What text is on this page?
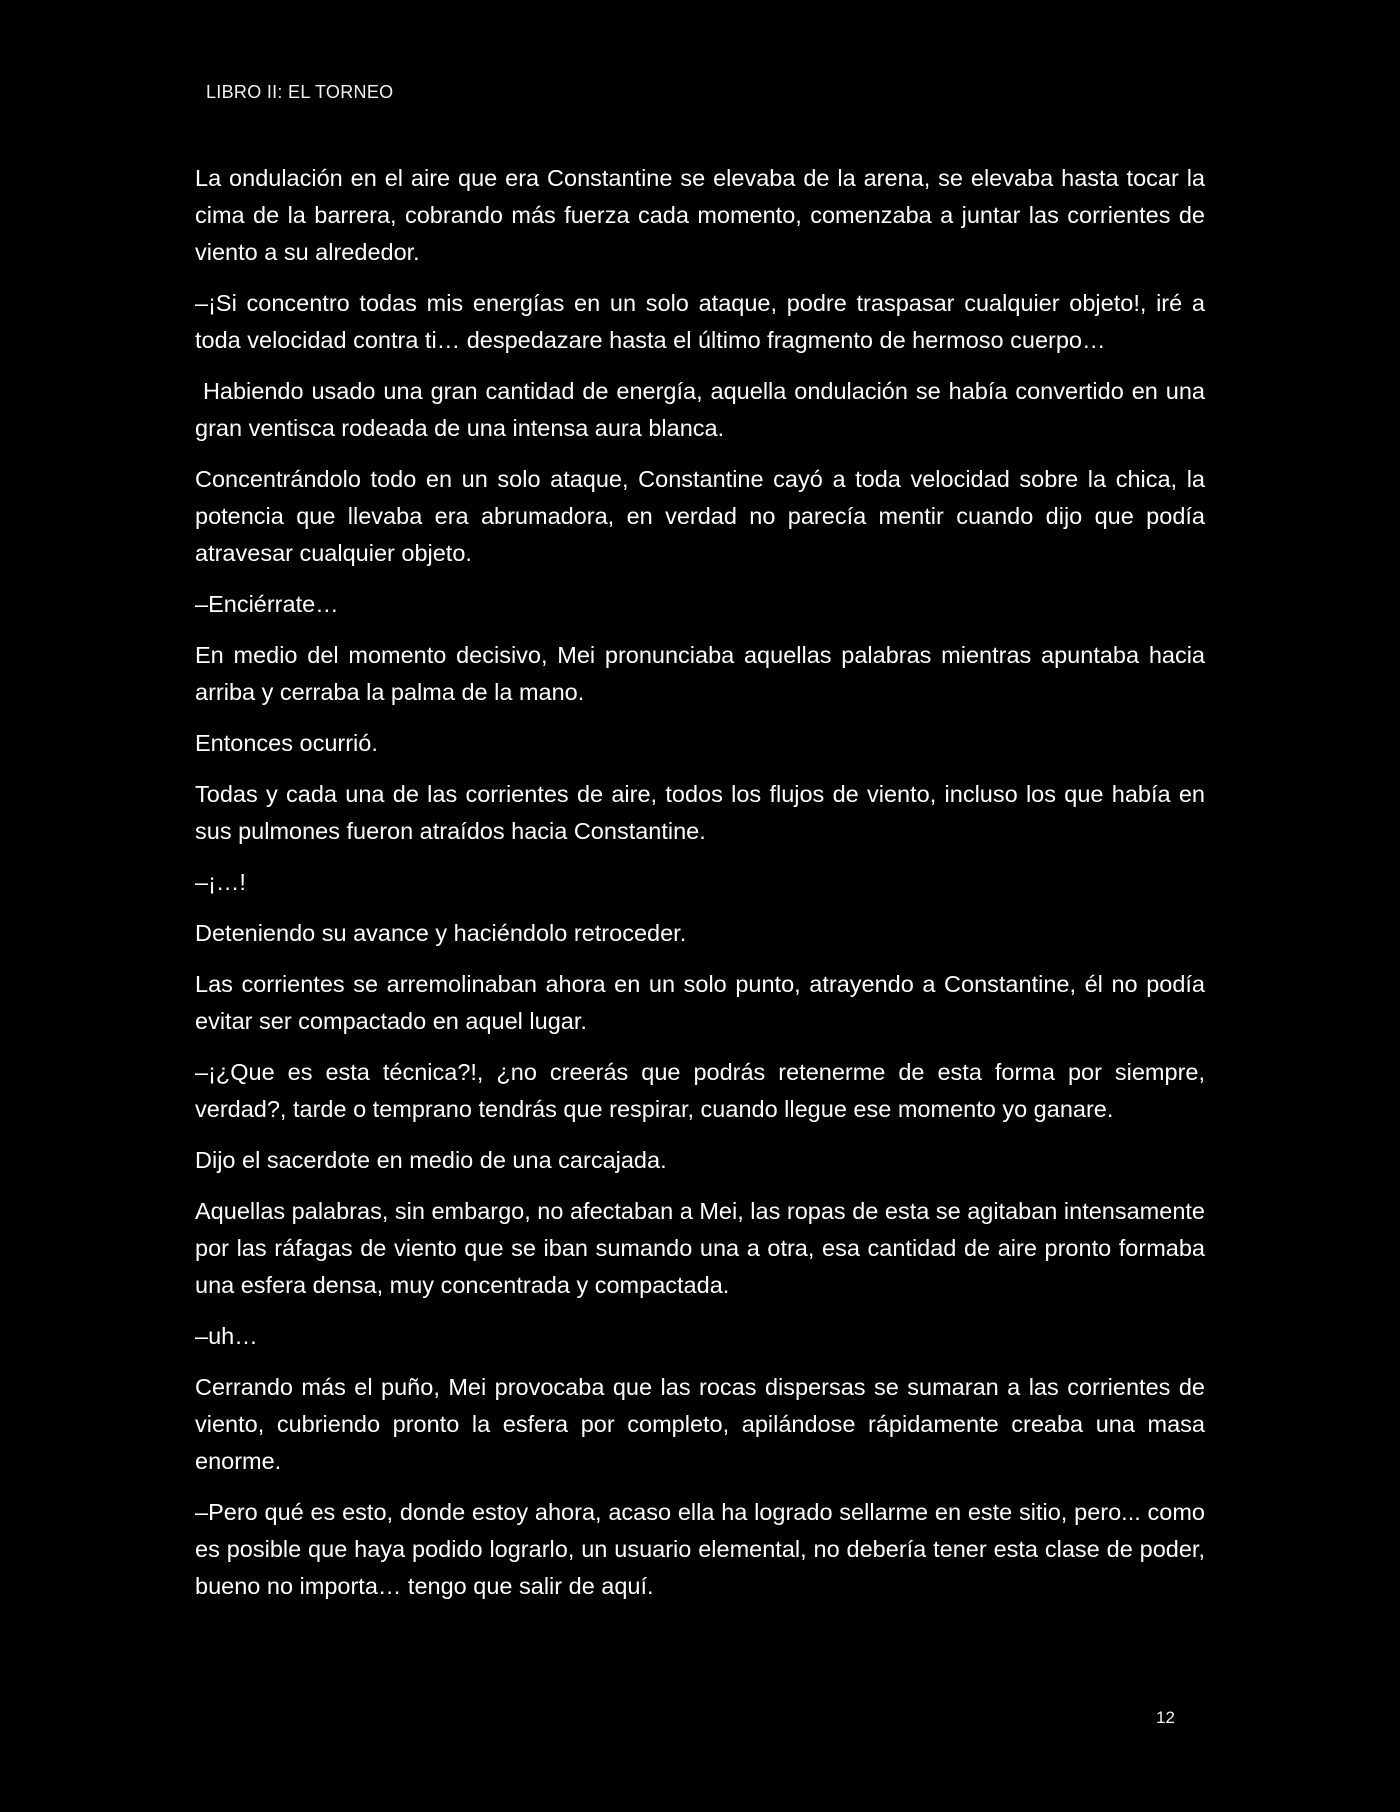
LIBRO II: EL TORNEO

La ondulación en el aire que era Constantine se elevaba de la arena, se elevaba hasta tocar la cima de la barrera, cobrando más fuerza cada momento, comenzaba a juntar las corrientes de viento a su alrededor.

–¡Si concentro todas mis energías en un solo ataque, podre traspasar cualquier objeto!, iré a toda velocidad contra ti… despedazare hasta el último fragmento de hermoso cuerpo…

Habiendo usado una gran cantidad de energía, aquella ondulación se había convertido en una gran ventisca rodeada de una intensa aura blanca.

Concentrándolo todo en un solo ataque, Constantine cayó a toda velocidad sobre la chica, la potencia que llevaba era abrumadora, en verdad no parecía mentir cuando dijo que podía atravesar cualquier objeto.

–Enciérrate…

En medio del momento decisivo, Mei pronunciaba aquellas palabras mientras apuntaba hacia arriba y cerraba la palma de la mano.

Entonces ocurrió.

Todas y cada una de las corrientes de aire, todos los flujos de viento, incluso los que había en sus pulmones fueron atraídos hacia Constantine.

–¡…!

Deteniendo su avance y haciéndolo retroceder.

Las corrientes se arremolinaban ahora en un solo punto, atrayendo a Constantine, él no podía evitar ser compactado en aquel lugar.

–¡¿Que es esta técnica?!, ¿no creerás que podrás retenerme de esta forma por siempre, verdad?, tarde o temprano tendrás que respirar, cuando llegue ese momento yo ganare.

Dijo el sacerdote en medio de una carcajada.

Aquellas palabras, sin embargo, no afectaban a Mei, las ropas de esta se agitaban intensamente por las ráfagas de viento que se iban sumando una a otra, esa cantidad de aire pronto formaba una esfera densa, muy concentrada y compactada.

–uh…

Cerrando más el puño, Mei provocaba que las rocas dispersas se sumaran a las corrientes de viento, cubriendo pronto la esfera por completo, apilándose rápidamente creaba una masa enorme.

–Pero qué es esto, donde estoy ahora, acaso ella ha logrado sellarme en este sitio, pero... como es posible que haya podido lograrlo, un usuario elemental, no debería tener esta clase de poder, bueno no importa… tengo que salir de aquí.

12
